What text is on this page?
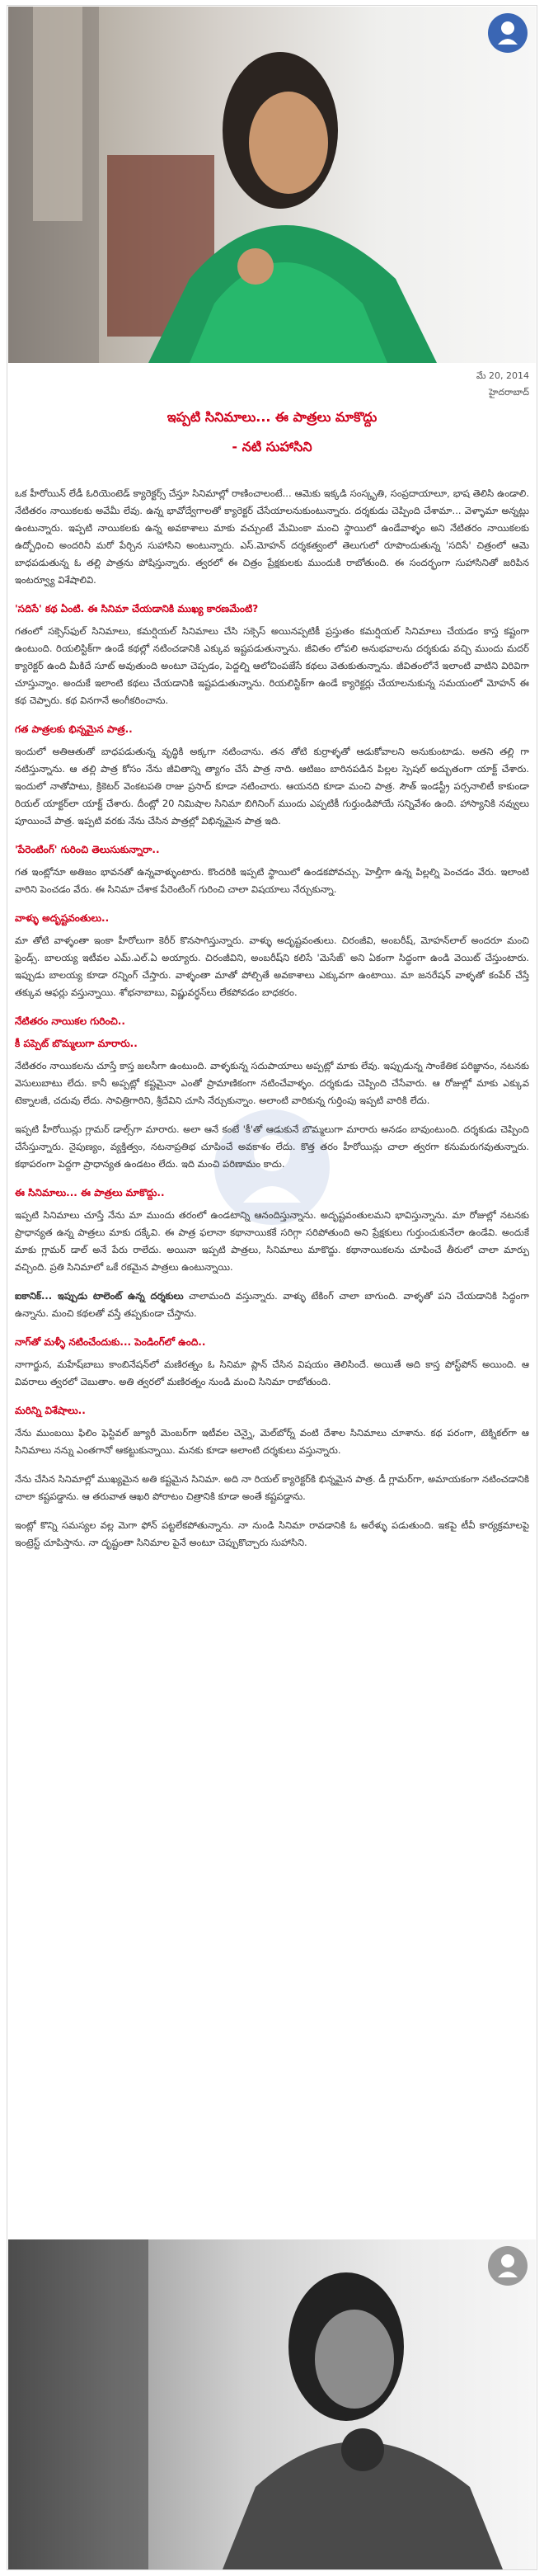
మే 20, 2014
హైదరాబాద్
ఇప్పటి సినిమాలు... ఈ పాత్రలు మాకొద్దు
- నటి సుహాసిని

ఒక హీరోయిన్ లేడీ ఓరియెంటెడ్ క్యారెక్టర్స్ చేస్తూ సినిమాల్లో రాణించాలంటే... ఆమెకు ఇక్కడి సంస్కృతి, సంప్రదాయాలూ, భాష తెలిసి ఉండాలి. నేటితరం నాయికలకు అవేమీ లేవు. ఉన్న భావోద్వేగాలతో క్యారెక్టర్ చేసేయాలనుకుంటున్నారు. దర్శకుడు చెప్పింది చేశామా... వెళ్ళామా అన్నట్లు ఉంటున్నారు. ఇప్పటి నాయికలకు ఉన్న అవకాశాలు మాకు వచ్చుంటే మేమింకా మంచి స్థాయిలో ఉండేవాళ్ళం అని నేటితరం నాయికలకు ఉద్బోధించి అందరినీ మరో పేర్చిన సుహాసిని అంటున్నారు. ఎస్.మోహన్ దర్శకత్వంలో తెలుగులో రూపొందుతున్న 'సదిసే' చిత్రంలో ఆమె బాధపడుతున్న ఓ తల్లి పాత్రను పోషిస్తున్నారు. త్వరలో ఈ చిత్రం ప్రేక్షకులకు ముందుకి రాబోతుంది. ఈ సందర్భంగా సుహాసినితో జరిపిన ఇంటర్వ్యూ విశేషాలివి.

'సదిసే' కథ ఏంటి. ఈ సినిమా చేయడానికి ముఖ్య కారణమేంటి?

గతంలో సక్సెస్‌ఫుల్ సినిమాలు, కమర్షియల్ సినిమాలు చేసి సక్సెస్ అయినప్పటికీ ప్రస్తుతం కమర్షియల్ సినిమాలు చేయడం కాస్త కష్టంగా ఉంటుంది. రియలిస్టిక్‌గా ఉండే కథల్లో నటించడానికి ఎక్కువ ఇష్టపడుతున్నాను. జీవితం లోపలి అనుభవాలను దర్శకుడు వచ్చి ముందు మదర్ క్యారెక్టర్ ఉంది మీకిదే సూట్ అవుతుంది అంటూ చెప్పడం, పెద్దల్ని ఆలోచింపజేసే కథలు వెతుకుతున్నాను. జీవితంలోనే ఇలాంటి వాటిని విరివిగా చూస్తున్నాం. అందుకే ఇలాంటి కథలు చేయడానికి ఇష్టపడుతున్నాను. రియలిస్టిక్‌గా ఉండే క్యారెక్టర్లు చేయాలనుకున్న సమయంలో మోహన్ ఈ కథ చెప్పారు. కథ వినగానే అంగీకరించాను.

గత పాత్రలకు భిన్నమైన పాత్ర..

ఇందులో అతిఆతుతో బాధపడుతున్న వృద్ధికి అక్కగా నటించాను. తన తోటి కుర్రాళ్ళతో ఆడుకోవాలని అనుకుంటాడు. అతని తల్లి గా నటిస్తున్నాను. ఆ తల్లి పాత్ర కోసం నేను జీవితాన్ని త్యాగం చేసే పాత్ర నాది. ఆటిజం బారినపడిన పిల్లల స్పెషల్ అద్భుతంగా యాక్ట్ చేశారు. ఇందులో నాతోపాటు, క్రికెటర్ వెంకటపతి రాజు ప్రసాద్ కూడా నటించారు. ఆయనది కూడా మంచి పాత్ర. సౌత్ ఇండస్ట్రీ పర్సనాలిటీ కాకుండా రియల్ యాక్టర్‌లా యాక్ట్ చేశారు. దీంట్లో 20 నిమిషాల సినిమా బిగినింగ్ ముందు ఎప్పటికీ గుర్తుండిపోయే సన్నివేశం ఉంది. హాస్యానికి నవ్వులు పూయించే పాత్ర. ఇప్పటి వరకు నేను చేసిన పాత్రల్లో విభిన్నమైన పాత్ర ఇది.

'పేరెంటింగ్' గురించి తెలుసుకున్నారా..

గత ఇంట్లోనూ అతిజం భావనతో ఉన్నవాళ్ళుంటారు. కొందరికి ఇప్పటి స్థాయిలో ఉండకపోవచ్చు. హెల్తీగా ఉన్న పిల్లల్ని పెంచడం వేరు. ఇలాంటి వారిని పెంచడం వేరు. ఈ సినిమా చేశాక పేరెంటింగ్ గురించి చాలా విషయాలు నేర్చుకున్నా.

వాళ్ళు అదృష్టవంతులు..

మా తోటి వాళ్ళంతా ఇంకా హీరోలుగా కెరీర్ కొనసాగిస్తున్నారు. వాళ్ళు అదృష్టవంతులు. చిరంజీవి, అంబరీష్, మోహన్‌లాల్ అందరూ మంచి ఫ్రెండ్స్. బాలయ్య ఇటీవల ఎమ్.ఎల్.ఏ అయ్యారు. చిరంజీవిని, అంబరీష్‌ని కలిసే 'మెసేజ్' అని ఏకంగా సిద్ధంగా ఉండి వెయిట్ చేస్తుంటారు. ఇప్పుడు బాలయ్య కూడా రన్నింగ్ చేస్తారు. వాళ్ళంతా మాతో పోల్చితే అవకాశాలు ఎక్కువగా ఉంటాయి. మా జనరేషన్ వాళ్ళతో కంపేర్ చేస్తే తక్కువ ఆఫర్లు వస్తున్నాయి. శోభనాబాబు, విష్ణువర్ధన్‌లు లేకపోవడం బాధకరం.

నేటితరం నాయికల గురించి..
కీ పప్పెట్ బొమ్మలుగా మారారు..

నేటితరం నాయికలను చూస్తే కాస్త జలసీగా ఉంటుంది. వాళ్ళకున్న సదుపాయాలు అప్పట్లో మాకు లేవు. ఇప్పుడున్న సాంకేతిక పరిజ్ఞానం, నటనకు వెసులుబాటు లేదు. కానీ అప్పట్లో కష్టమైనా ఎంతో ప్రామాణికంగా నటించేవాళ్ళం. దర్శకుడు చెప్పింది చేసేవారు. ఆ రోజుల్లో మాకు ఎక్కువ టెక్నాలజీ, చదువు లేదు. సావిత్రిగారిని, శ్రీదేవిని చూసి నేర్చుకున్నాం. అలాంటి వారికున్న గుర్తింపు ఇప్పటి వారికి లేదు.

ఇప్పటి హీరోయిన్లు గ్లామర్ డాల్స్‌గా మారారు. అలా ఆనే కంటే 'కీ'తో ఆడుకునే బొమ్మలుగా మారారు అనడం బావుంటుంది. దర్శకుడు చెప్పింది చేసేస్తున్నారు. నైపుణ్యం, వ్యక్తిత్వం, నటనాప్రతిభ చూపించే అవకాశం లేదు. కొత్త తరం హీరోయిన్లు చాలా త్వరగా కనుమరుగవుతున్నారు. కథాపరంగా పెద్దగా ప్రాధాన్యత ఉండటం లేదు. ఇది మంచి పరిణామం కాదు.

ఈ సినిమాలు... ఈ పాత్రలు మాకొద్దు..

ఇప్పటి సినిమాలు చూస్తే నేను మా ముందు తరంలో ఉండటాన్ని ఆనందిస్తున్నాను. అదృష్టవంతులమని భావిస్తున్నాను. మా రోజుల్లో నటనకు ప్రాధాన్యత ఉన్న పాత్రలు మాకు దక్కేవి. ఈ పాత్ర ఫలానా కథానాయికకే సరిగ్గా సరిపోతుంది అని ప్రేక్షకులు గుర్తుంచుకునేలా ఉండేవి. అందుకే మాకు గ్లామర్ డాల్ అనే పేరు రాలేదు. అయినా ఇప్పటి పాత్రలు, సినిమాలు మాకొద్దు. కథానాయికలను చూపించే తీరులో చాలా మార్పు వచ్చింది. ప్రతి సినిమాలో ఒకే రకమైన పాత్రలు ఉంటున్నాయి.

ఐకానిక్... ఇప్పుడు టాలెంట్ ఉన్న దర్శకులు చాలామంది వస్తున్నారు. వాళ్ళు టేకింగ్ చాలా బాగుంది. వాళ్ళతో పని చేయడానికి సిద్ధంగా ఉన్నాను. మంచి కథలతో వస్తే తప్పకుండా చేస్తాను.

నాగ్‌తో మళ్ళీ నటించేందుకు... పెండింగ్‌లో ఉంది..

నాగార్జున, మహేష్‌బాబు కాంబినేషన్‌లో మణిరత్నం ఓ సినిమా ప్లాన్ చేసిన విషయం తెలిసిందే. అయితే అది కాస్త పోస్ట్‌పోన్ అయింది. ఆ వివరాలు త్వరలో చెబుతాం. అతి త్వరలో మణిరత్నం నుండి మంచి సినిమా రాబోతుంది.

మరిన్ని విశేషాలు..

నేను ముంబయి ఫిలిం ఫెస్టివల్ జ్యూరీ మెంబర్‌గా ఇటీవల చెన్నై, మెల్‌బోర్న్ వంటి దేశాల సినిమాలు చూశాను. కథ పరంగా, టెక్నికల్‌గా ఆ సినిమాలు నన్ను ఎంతగానో ఆకట్టుకున్నాయి. మనకు కూడా అలాంటి దర్శకులు వస్తున్నారు.

నేను చేసిన సినిమాల్లో ముఖ్యమైన అతి కష్టమైన సినిమా. అది నా రియల్ క్యారెక్టర్‌కి భిన్నమైన పాత్ర. డీ గ్లామర్‌గా, అమాయకంగా నటించడానికి చాలా కష్టపడ్డాను. ఆ తరువాత ఆఖరి పోరాటం చిత్రానికి కూడా అంతే కష్టపడ్డాను.

ఇంట్లో కొన్ని సమస్యల వల్ల మెగా ఫోన్ పట్టలేకపోతున్నాను. నా నుండి సినిమా రావడానికి ఓ అరేళ్ళు పడుతుంది. ఇకపై టీవీ కార్యక్రమాలపై ఇంట్రెస్ట్ చూపిస్తాను. నా దృష్టంతా సినిమాల పైనే అంటూ చెప్పుకొచ్చారు సుహాసిని.
